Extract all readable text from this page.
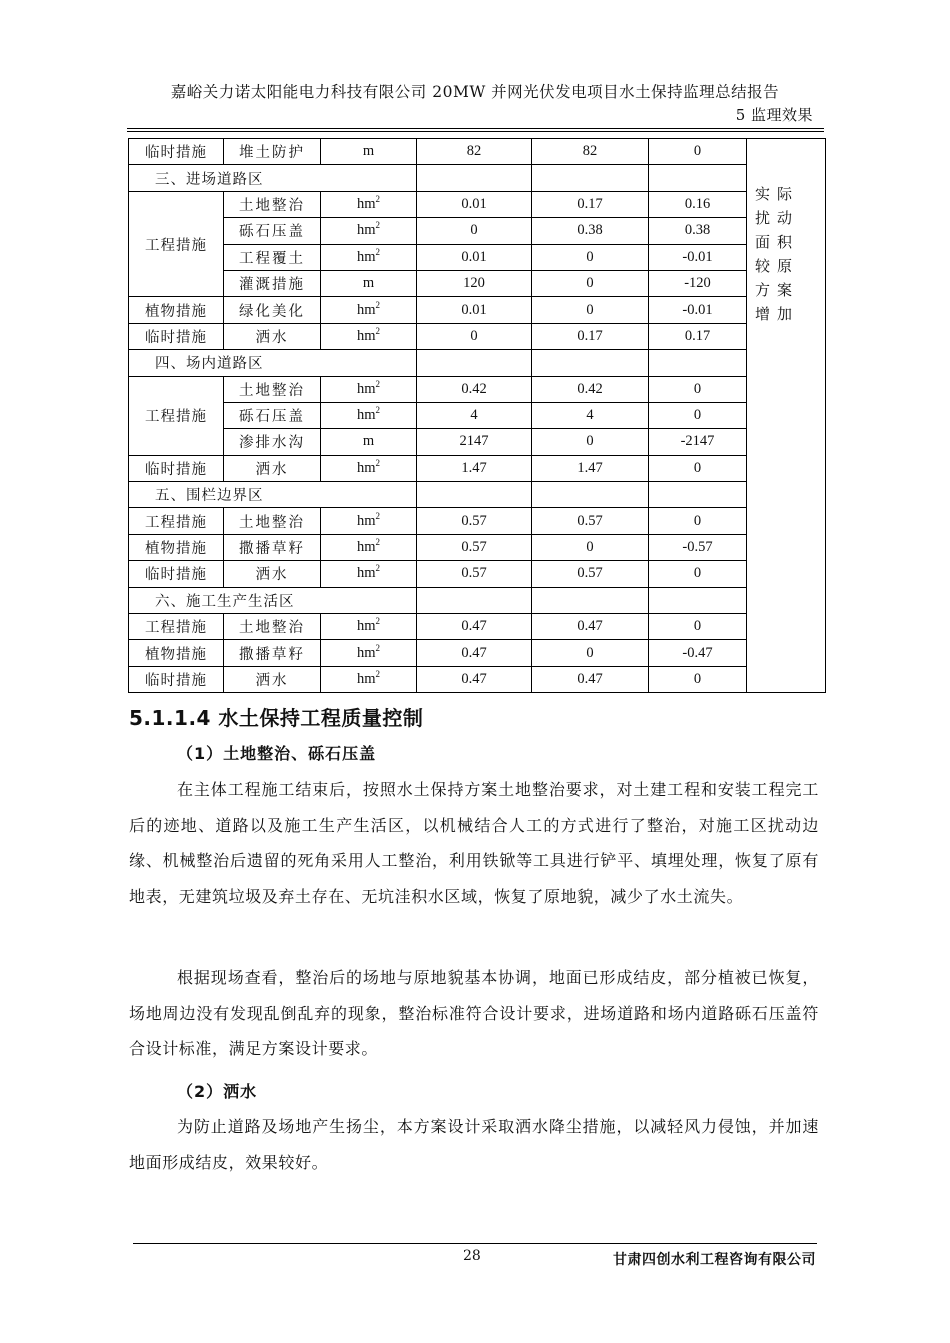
嘉峪关力诺太阳能电力科技有限公司 20MW 并网光伏发电项目水土保持监理总结报告
5 监理效果
临时措施	堆土防护	m	82	82	0	实际扰动面积较原方案增加
三、进场道路区						
工程措施	土地整治	$hm^2$	0.01	0.17	0.16	
	砾石压盖	$hm^2$	0	0.38	0.38	
	工程覆土	$hm^2$	0.01	0	-0.01	
	灌溉措施	m	120	0	-120	
植物措施	绿化美化	$hm^2$	0.01	0	-0.01	
临时措施	洒水	$hm^2$	0	0.17	0.17	
四、场内道路区						
工程措施	土地整治	$hm^2$	0.42	0.42	0	
	砾石压盖	$hm^2$	4	4	0	
	渗排水沟	m	2147	0	-2147	
临时措施	洒水	$hm^2$	1.47	1.47	0	
五、围栏边界区						
工程措施	土地整治	$hm^2$	0.57	0.57	0	
植物措施	撒播草籽	$hm^2$	0.57	0	-0.57	
临时措施	洒水	$hm^2$	0.57	0.57	0	
六、施工生产生活区						
工程措施	土地整治	$hm^2$	0.47	0.47	0	
植物措施	撒播草籽	$hm^2$	0.47	0	-0.47	
临时措施	洒水	$hm^2$	0.47	0.47	0	
5.1.1.4 水土保持工程质量控制
（1）土地整治、砾石压盖

在主体工程施工结束后，按照水土保持方案土地整治要求，对土建工程和安装工程完工后的迹地、道路以及施工生产生活区，以机械结合人工的方式进行了整治，对施工区扰动边缘、机械整治后遗留的死角采用人工整治，利用铁锨等工具进行铲平、填埋处理，恢复了原有地表，无建筑垃圾及弃土存在、无坑洼积水区域，恢复了原地貌，减少了水土流失。

根据现场查看，整治后的场地与原地貌基本协调，地面已形成结皮，部分植被已恢复，场地周边没有发现乱倒乱弃的现象，整治标准符合设计要求，进场道路和场内道路砾石压盖符合设计标准，满足方案设计要求。

（2）洒水

为防止道路及场地产生扬尘，本方案设计采取洒水降尘措施，以减轻风力侵蚀，并加速地面形成结皮，效果较好。

28	甘肃四创水利工程咨询有限公司
